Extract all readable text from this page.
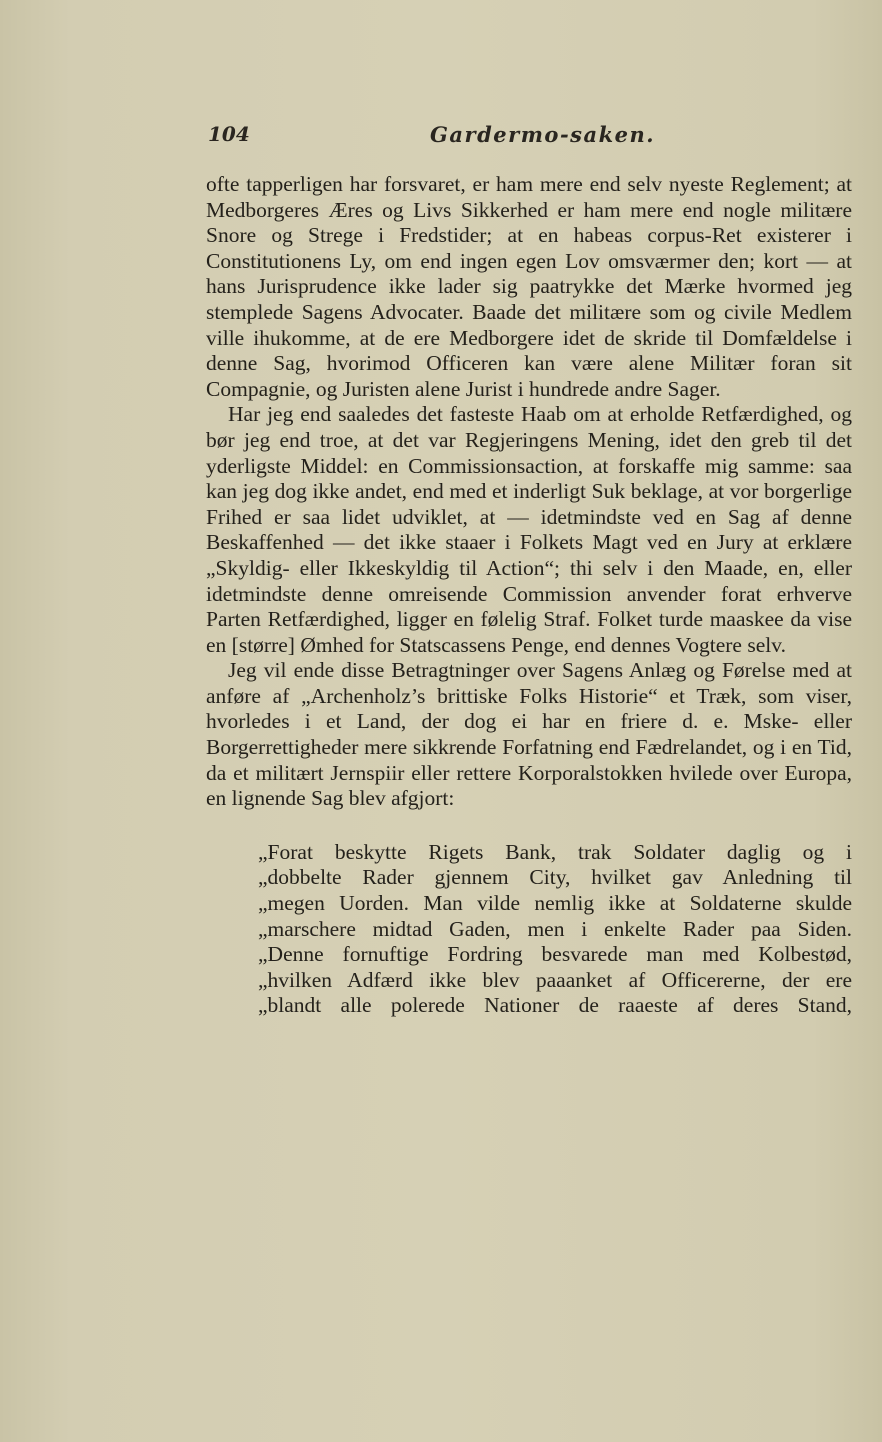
104	Gardermo-saken.

ofte tapperligen har forsvaret, er ham mere end selv nyeste Reglement; at Medborgeres Æres og Livs Sikkerhed er ham mere end nogle militære Snore og Strege i Fredstider; at en habeas corpus-Ret existerer i Constitutionens Ly, om end ingen egen Lov omsværmer den; kort — at hans Jurisprudence ikke lader sig paatrykke det Mærke hvormed jeg stemplede Sagens Advocater. Baade det militære som og civile Medlem ville ihukomme, at de ere Medborgere idet de skride til Domfældelse i denne Sag, hvorimod Officeren kan være alene Militær foran sit Compagnie, og Juristen alene Jurist i hundrede andre Sager.

Har jeg end saaledes det fasteste Haab om at erholde Retfærdighed, og bør jeg end troe, at det var Regjeringens Mening, idet den greb til det yderligste Middel: en Commissionsaction, at forskaffe mig samme: saa kan jeg dog ikke andet, end med et inderligt Suk beklage, at vor borgerlige Frihed er saa lidet udviklet, at — idetmindste ved en Sag af denne Beskaffenhed — det ikke staaer i Folkets Magt ved en Jury at erklære „Skyldig- eller Ikkeskyldig til Action“; thi selv i den Maade, en, eller idetmindste denne omreisende Commission anvender forat erhverve Parten Retfærdighed, ligger en følelig Straf. Folket turde maaskee da vise en [større] Ømhed for Statscassens Penge, end dennes Vogtere selv.

Jeg vil ende disse Betragtninger over Sagens Anlæg og Førelse med at anføre af „Archenholz’s brittiske Folks Historie“ et Træk, som viser, hvorledes i et Land, der dog ei har en friere d. e. Mske- eller Borgerrettigheder mere sikkrende Forfatning end Fædrelandet, og i en Tid, da et militært Jernspiir eller rettere Korporalstokken hvilede over Europa, en lignende Sag blev afgjort:

„Forat beskytte Rigets Bank, trak Soldater daglig og i
„dobbelte Rader gjennem City, hvilket gav Anledning til
„megen Uorden. Man vilde nemlig ikke at Soldaterne skulde
„marschere midtad Gaden, men i enkelte Rader paa Siden.
„Denne fornuftige Fordring besvarede man med Kolbestød,
„hvilken Adfærd ikke blev paaanket af Officererne, der ere
„blandt alle polerede Nationer de raaeste af deres Stand,
